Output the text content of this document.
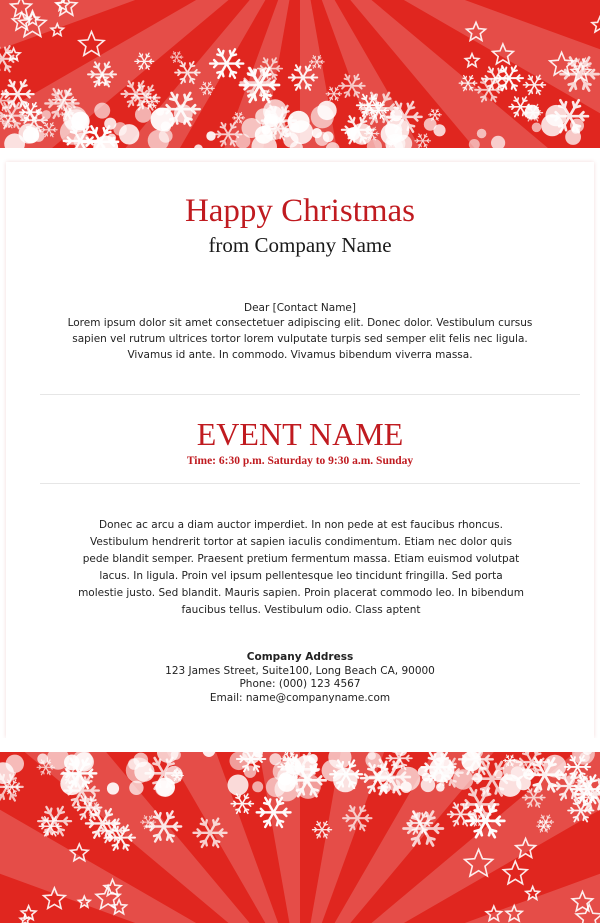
Happy Christmas
from Company Name
Dear [Contact Name]
Lorem ipsum dolor sit amet consectetuer adipiscing elit. Donec dolor. Vestibulum cursus sapien vel rutrum ultrices tortor lorem vulputate turpis sed semper elit felis nec ligula. Vivamus id ante. In commodo. Vivamus bibendum viverra massa.
EVENT NAME
Time: 6:30 p.m. Saturday to 9:30 a.m. Sunday
Donec ac arcu a diam auctor imperdiet. In non pede at est faucibus rhoncus. Vestibulum hendrerit tortor at sapien iaculis condimentum. Etiam nec dolor quis pede blandit semper. Praesent pretium fermentum massa. Etiam euismod volutpat lacus. In ligula. Proin vel ipsum pellentesque leo tincidunt fringilla. Sed porta molestie justo. Sed blandit. Mauris sapien. Proin placerat commodo leo. In bibendum faucibus tellus. Vestibulum odio. Class aptent
Company Address
123 James Street, Suite100, Long Beach CA, 90000
Phone: (000) 123 4567
Email: name@companyname.com
